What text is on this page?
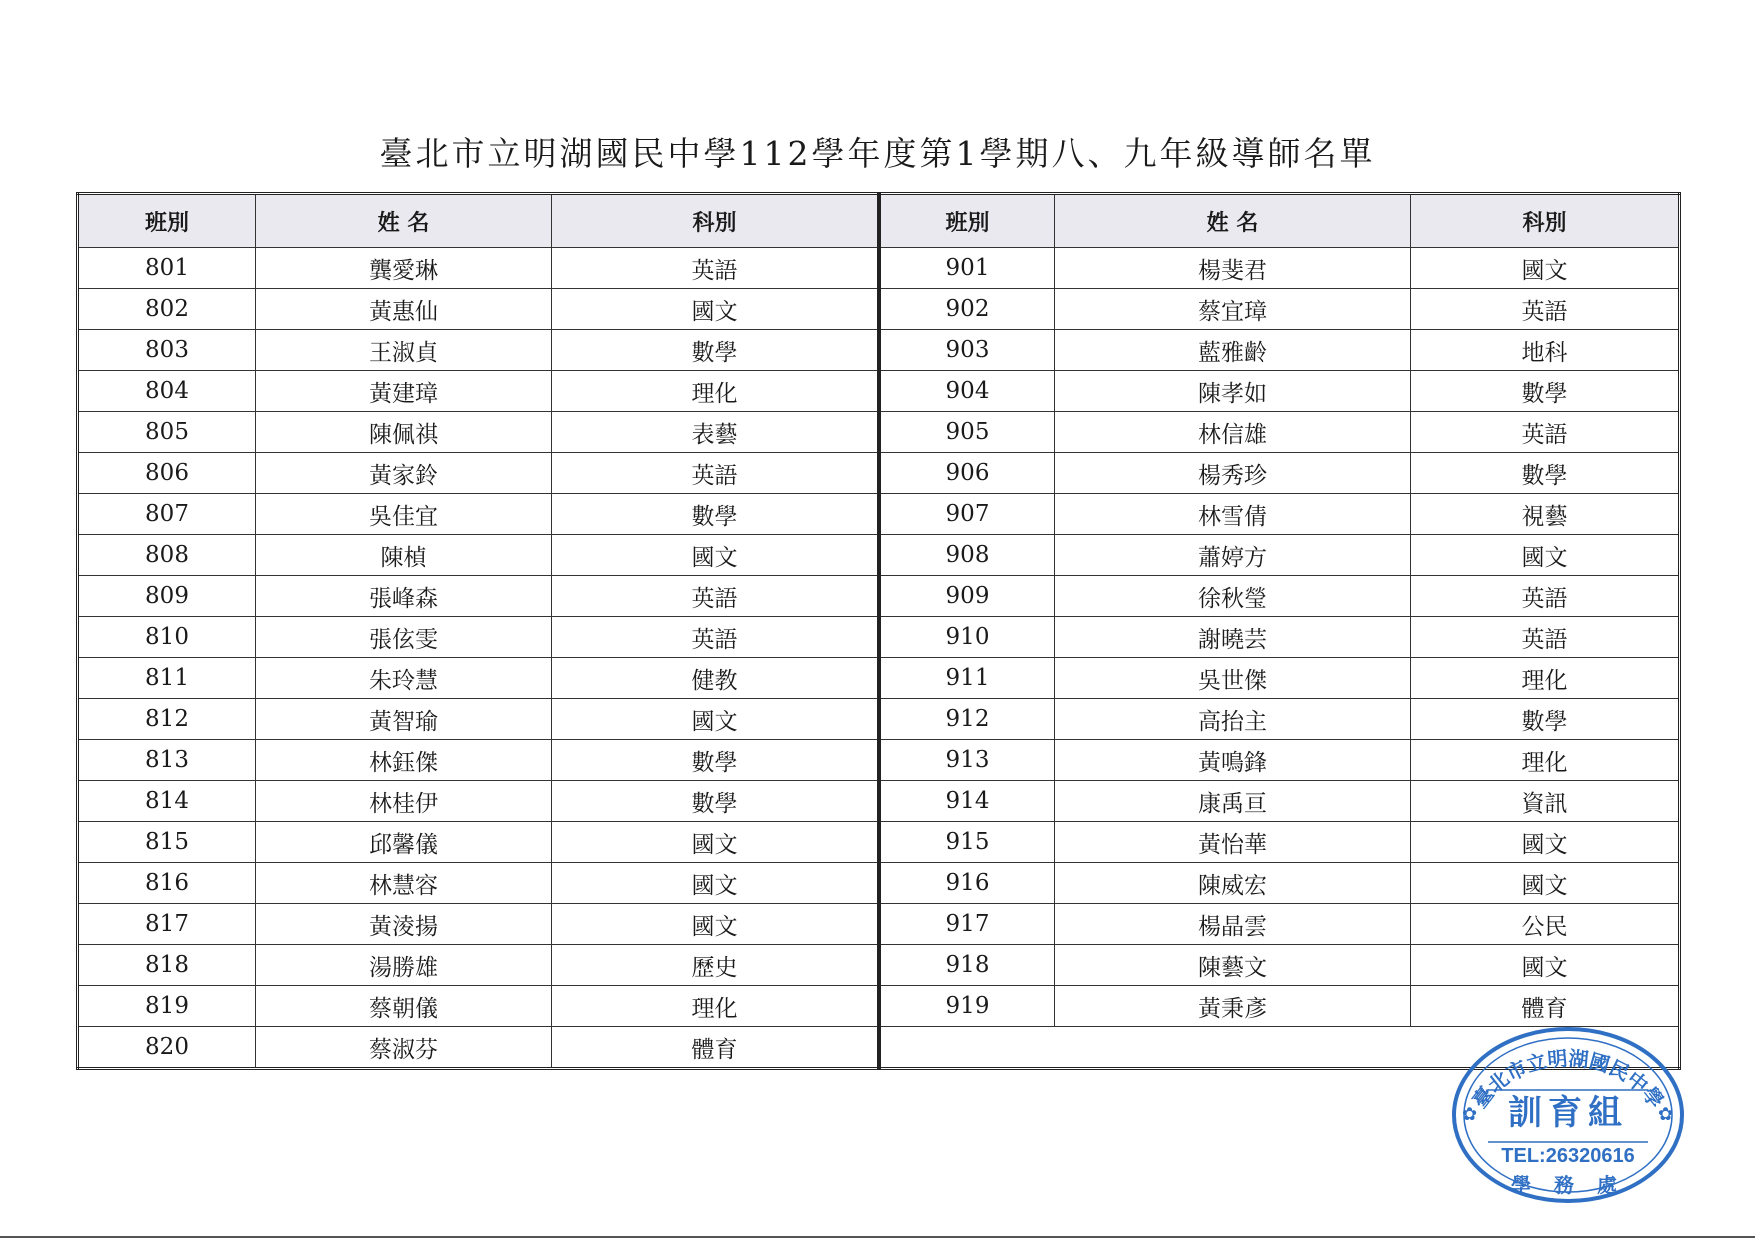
臺北市立明湖國民中學112學年度第1學期八、九年級導師名單
班別	姓 名	科別
801	龔愛琳	英語
802	黃惠仙	國文
803	王淑貞	數學
804	黃建璋	理化
805	陳佩祺	表藝
806	黃家鈴	英語
807	吳佳宜	數學
808	陳楨	國文
809	張峰森	英語
810	張伭雯	英語
811	朱玲慧	健教
812	黃智瑜	國文
813	林鈺傑	數學
814	林桂伊	數學
815	邱馨儀	國文
816	林慧容	國文
817	黃淩揚	國文
818	湯勝雄	歷史
819	蔡朝儀	理化
820	蔡淑芬	體育
班別	姓 名	科別
901	楊斐君	國文
902	蔡宜璋	英語
903	藍雅齡	地科
904	陳孝如	數學
905	林信雄	英語
906	楊秀珍	數學
907	林雪倩	視藝
908	蕭婷方	國文
909	徐秋瑩	英語
910	謝曉芸	英語
911	吳世傑	理化
912	高抬主	數學
913	黃鳴鋒	理化
914	康禹亘	資訊
915	黃怡華	國文
916	陳威宏	國文
917	楊晶雲	公民
918	陳藝文	國文
919	黃秉彥	體育

臺北市立明湖國民中學
訓育組
TEL:26320616
學 務 處
✿	✿
